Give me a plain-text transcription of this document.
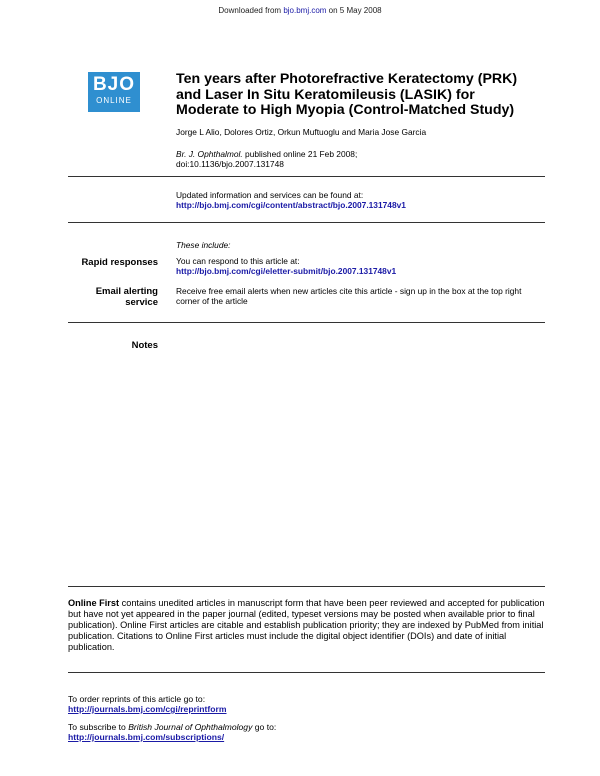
Downloaded from bjo.bmj.com on 5 May 2008
BJO
ONLINE
Ten years after Photorefractive Keratectomy (PRK)
and Laser In Situ Keratomileusis (LASIK) for
Moderate to High Myopia (Control-Matched Study)
Jorge L Alio, Dolores Ortiz, Orkun Muftuoglu and Maria Jose Garcia
Br. J. Ophthalmol. published online 21 Feb 2008;
doi:10.1136/bjo.2007.131748
Updated information and services can be found at:
http://bjo.bmj.com/cgi/content/abstract/bjo.2007.131748v1
These include:
Rapid responses You can respond to this article at:
http://bjo.bmj.com/cgi/eletter-submit/bjo.2007.131748v1
Email alerting
service
Receive free email alerts when new articles cite this article - sign up in the box at the top right corner of the article
Notes
Online First contains unedited articles in manuscript form that have been peer reviewed and accepted for publication but have not yet appeared in the paper journal (edited, typeset versions may be posted when available prior to final publication). Online First articles are citable and establish publication priority; they are indexed by PubMed from initial publication. Citations to Online First articles must include the digital object identifier (DOIs) and date of initial publication.
To order reprints of this article go to:
http://journals.bmj.com/cgi/reprintform
To subscribe to British Journal of Ophthalmology go to:
http://journals.bmj.com/subscriptions/
